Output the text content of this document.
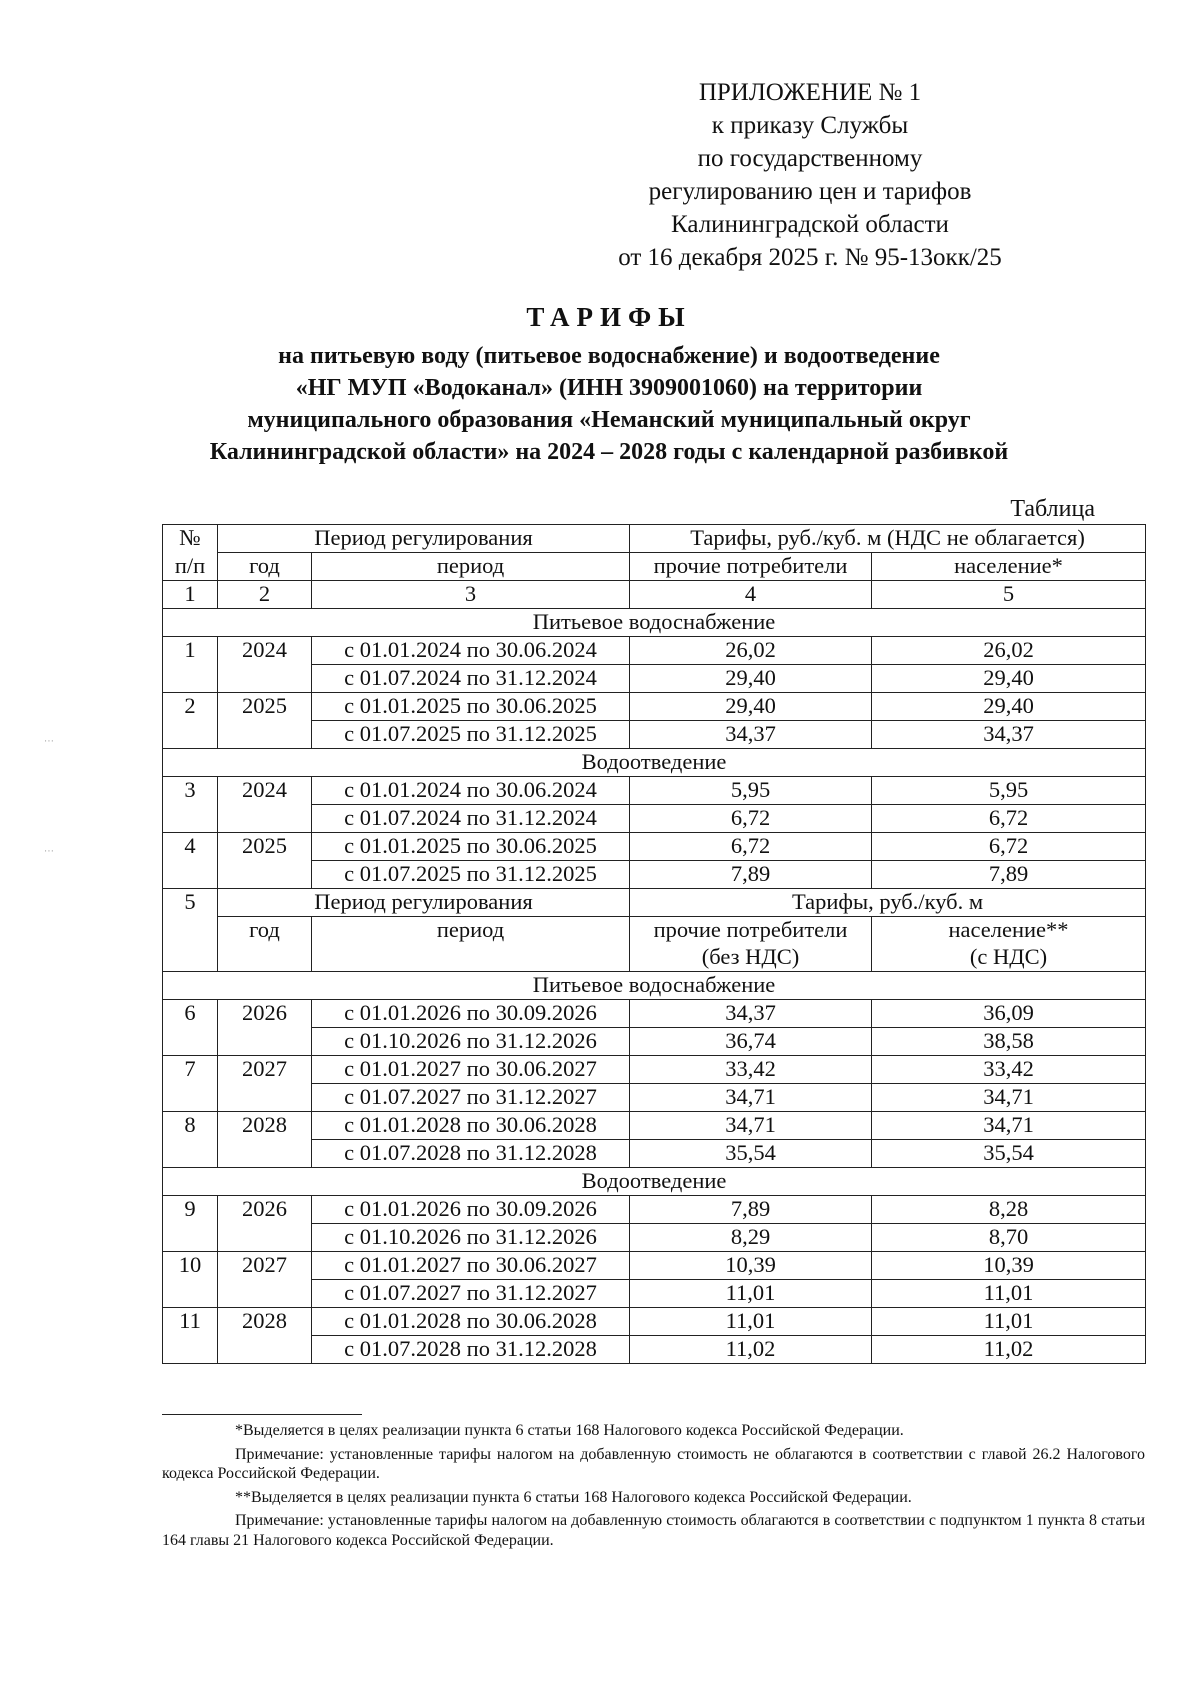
ПРИЛОЖЕНИЕ № 1
к приказу Службы
по государственному
регулированию цен и тарифов
Калининградской области
от 16 декабря 2025 г. № 95-13окк/25
ТАРИФЫ
на питьевую воду (питьевое водоснабжение) и водоотведение
«НГ МУП «Водоканал» (ИНН 3909001060) на территории
муниципального образования «Неманский муниципальный округ
Калининградской области» на 2024 – 2028 годы с календарной разбивкой
Таблица
№	Период регулирования		Тарифы, руб./куб. м (НДС не облагается)	
п/п	год	период	прочие потребители	население*
1	2	3	4	5
Питьевое водоснабжение				
1	2024	с 01.01.2024 по 30.06.2024	26,02	26,02
		с 01.07.2024 по 31.12.2024	29,40	29,40
2	2025	с 01.01.2025 по 30.06.2025	29,40	29,40
		с 01.07.2025 по 31.12.2025	34,37	34,37
Водоотведение				
3	2024	с 01.01.2024 по 30.06.2024	5,95	5,95
		с 01.07.2024 по 31.12.2024	6,72	6,72
4	2025	с 01.01.2025 по 30.06.2025	6,72	6,72
		с 01.07.2025 по 31.12.2025	7,89	7,89
5	Период регулирования		Тарифы, руб./куб. м	
	год	период	прочие потребители	население**
			(без НДС)	(с НДС)
Питьевое водоснабжение				
6	2026	с 01.01.2026 по 30.09.2026	34,37	36,09
		с 01.10.2026 по 31.12.2026	36,74	38,58
7	2027	с 01.01.2027 по 30.06.2027	33,42	33,42
		с 01.07.2027 по 31.12.2027	34,71	34,71
8	2028	с 01.01.2028 по 30.06.2028	34,71	34,71
		с 01.07.2028 по 31.12.2028	35,54	35,54
Водоотведение				
9	2026	с 01.01.2026 по 30.09.2026	7,89	8,28
		с 01.10.2026 по 31.12.2026	8,29	8,70
10	2027	с 01.01.2027 по 30.06.2027	10,39	10,39
		с 01.07.2027 по 31.12.2027	11,01	11,01
11	2028	с 01.01.2028 по 30.06.2028	11,01	11,01
		с 01.07.2028 по 31.12.2028	11,02	11,02

*Выделяется в целях реализации пункта 6 статьи 168 Налогового кодекса Российской Федерации.

Примечание: установленные тарифы налогом на добавленную стоимость не облагаются в соответствии с главой 26.2 Налогового кодекса Российской Федерации.

**Выделяется в целях реализации пункта 6 статьи 168 Налогового кодекса Российской Федерации.

Примечание: установленные тарифы налогом на добавленную стоимость облагаются в соответствии с подпунктом 1 пункта 8 статьи 164 главы 21 Налогового кодекса Российской Федерации.

⋯
⋯
